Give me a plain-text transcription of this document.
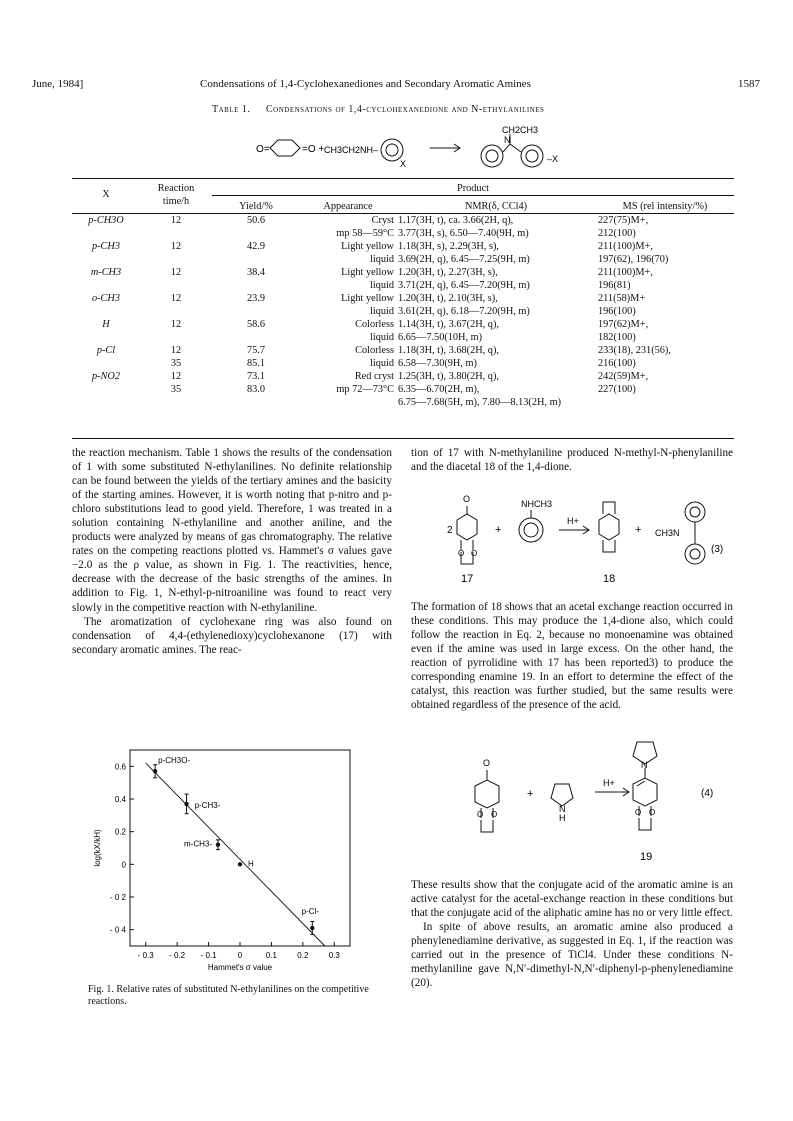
June, 1984]	Condensations of 1,4-Cyclohexanediones and Secondary Aromatic Amines	1587
Table 1. Condensations of 1,4-cyclohexanedione and N-ethylanilines
O=	=O + CH3CH2NH–
X
N
CH2CH3
–X
X	Reaction
time/h	Product			
		Yield/%	Appearance	NMR(δ, CCl4)	MS (rel intensity/%)
p-CH3O	12	50.6	Cryst	1.17(3H, t), ca. 3.66(2H, q),	227(75)M+,
			mp 58—59°C	3.77(3H, s), 6.50—7.40(9H, m)	212(100)
p-CH3	12	42.9	Light yellow	1.18(3H, s), 2.29(3H, s),	211(100)M+,
			liquid	3.69(2H, q), 6.45—7.25(9H, m)	197(62), 196(70)
m-CH3	12	38.4	Light yellow	1.20(3H, t), 2.27(3H, s),	211(100)M+,
			liquid	3.71(2H, q), 6.45—7.20(9H, m)	196(81)
o-CH3	12	23.9	Light yellow	1.20(3H, t), 2.10(3H, s),	211(58)M+
			liquid	3.61(2H, q), 6.18—7.20(9H, m)	196(100)
H	12	58.6	Colorless	1.14(3H, t), 3.67(2H, q),	197(62)M+,
			liquid	6.65—7.50(10H, m)	182(100)
p-Cl	12	75.7	Colorless	1.18(3H, t), 3.68(2H, q),	233(18), 231(56),
	35	85.1	liquid	6.58—7.30(9H, m)	216(100)
p-NO2	12	73.1	Red cryst	1.25(3H, t), 3.80(2H, q),	242(59)M+,
	35	83.0	mp 72—73°C	6.35—6.70(2H, m),	227(100)
				6.75—7.68(5H, m), 7.80—8.13(2H, m)	

the reaction mechanism. Table 1 shows the results of the condensation of 1 with some substituted N-ethylanilines. No definite relationship can be found between the yields of the tertiary amines and the basicity of the starting amines. However, it is worth noting that p-nitro and p-chloro substitutions lead to good yield. Therefore, 1 was treated in a solution containing N-ethylaniline and another aniline, and the products were analyzed by means of gas chromatography. The relative rates on the competing reactions plotted vs. Hammet's σ values gave −2.0 as the ρ value, as shown in Fig. 1. The reactivities, hence, decrease with the decrease of the basic strengths of the amines. In addition to Fig. 1, N-ethyl-p-nitroaniline was found to react very slowly in the competitive reaction with N-ethylaniline.

The aromatization of cyclohexane ring was also found on condensation of 4,4-(ethylenedioxy)cyclohexanone (17) with secondary aromatic amines. The reac-

- 0.3 - 0.2 - 0.1	0	0.1	0.2	0.3
0.6
0.4
0.2
0
- 0 2
- 0 4
Hammet's σ value
log(kX/kH)
p-CH3O-
p-CH3-
m-CH3-
H
p-Cl-
Fig. 1. Relative rates of substituted N-ethylanilines on the competitive reactions.
tion of 17 with N-methylaniline produced N-methyl-N-phenylaniline and the diacetal 18 of the 1,4-dione.
2
O
O O
+
NHCH3
H+
+ CH3N
(3)
17	18
The formation of 18 shows that an acetal exchange reaction occurred in these conditions. This may produce the 1,4-dione also, which could follow the reaction in Eq. 2, because no monoenamine was obtained even if the amine was used in large excess. On the other hand, the reaction of pyrrolidine with 17 has been reported3) to produce the corresponding enamine 19. In an effort to determine the effect of the catalyst, this reaction was further studied, but the same results were obtained regardless of the presence of the acid.
O
O O
+
N
H
H+
N
O O
(4)
19

These results show that the conjugate acid of the aromatic amine is an active catalyst for the acetal-exchange reaction in these conditions but that the conjugate acid of the aliphatic amine has no or very little effect.

In spite of above results, an aromatic amine also produced a phenylenediamine derivative, as suggested in Eq. 1, if the reaction was carried out in the presence of TiCl4. Under these conditions N-methylaniline gave N,N′-dimethyl-N,N′-diphenyl-p-phenylenediamine (20).
